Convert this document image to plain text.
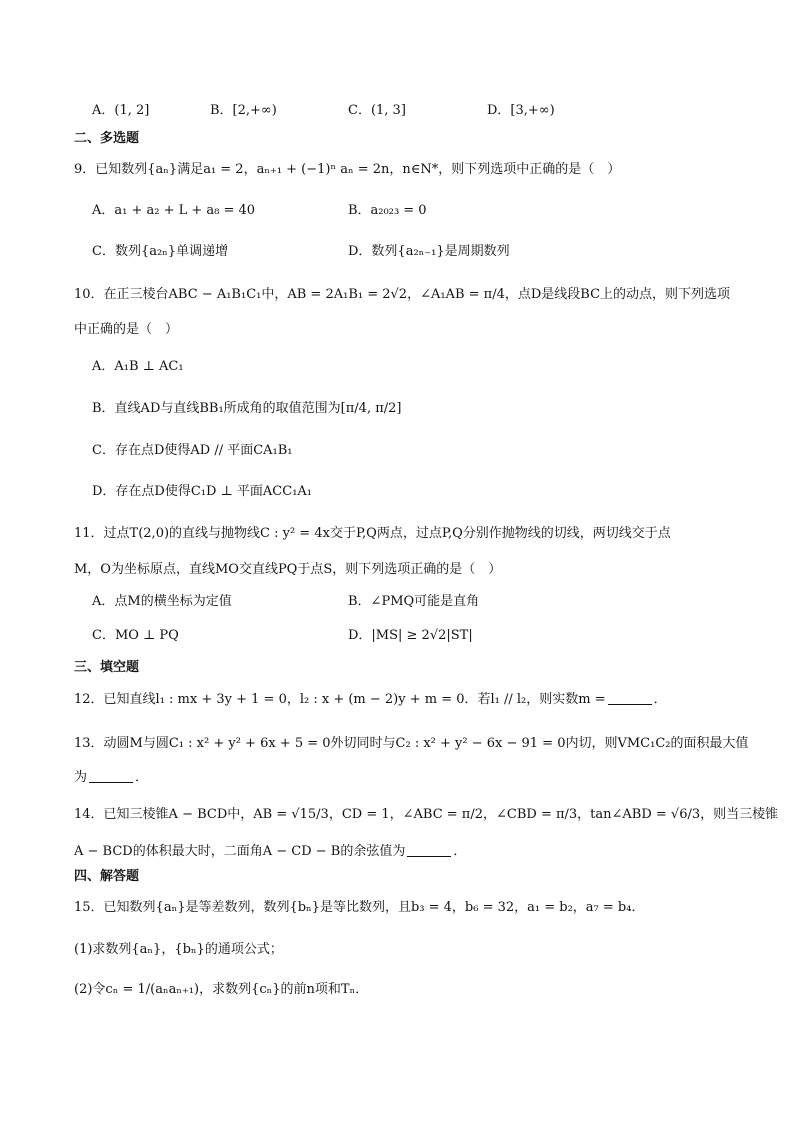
A．(1, 2]	B．[2,+∞)	C．(1, 3]	D．[3,+∞)
二、多选题
9．已知数列{aₙ}满足a₁ = 2，aₙ₊₁ + (−1)ⁿ aₙ = 2n，n∈N*，则下列选项中正确的是（　）
A．a₁ + a₂ + L + a₈ = 40	B．a₂₀₂₃ = 0
C．数列{a₂ₙ}单调递增	D．数列{a₂ₙ₋₁}是周期数列
10．在正三棱台ABC − A₁B₁C₁中，AB = 2A₁B₁ = 2√2，∠A₁AB = π/4，点D是线段BC上的动点，则下列选项
中正确的是（　）
A．A₁B ⊥ AC₁
B．直线AD与直线BB₁所成角的取值范围为[π/4, π/2]
C．存在点D使得AD // 平面CA₁B₁
D．存在点D使得C₁D ⊥ 平面ACC₁A₁
11．过点T(2,0)的直线与抛物线C : y² = 4x交于P,Q两点，过点P,Q分别作抛物线的切线，两切线交于点
M，O为坐标原点，直线MO交直线PQ于点S，则下列选项正确的是（　）
A．点M的横坐标为定值	B．∠PMQ可能是直角
C．MO ⊥ PQ	D．|MS| ≥ 2√2|ST|
三、填空题
12．已知直线l₁ : mx + 3y + 1 = 0，l₂ : x + (m − 2)y + m = 0．若l₁ // l₂，则实数m =	．
13．动圆M与圆C₁ : x² + y² + 6x + 5 = 0外切同时与C₂ : x² + y² − 6x − 91 = 0内切，则VMC₁C₂的面积最大值
为	．
14．已知三棱锥A − BCD中，AB = √15/3，CD = 1，∠ABC = π/2，∠CBD = π/3，tan∠ABD = √6/3，则当三棱锥
A − BCD的体积最大时，二面角A − CD − B的余弦值为	．
四、解答题
15．已知数列{aₙ}是等差数列，数列{bₙ}是等比数列，且b₃ = 4，b₆ = 32，a₁ = b₂，a₇ = b₄．
(1)求数列{aₙ}，{bₙ}的通项公式；
(2)令cₙ = 1/(aₙaₙ₊₁)，求数列{cₙ}的前n项和Tₙ．
